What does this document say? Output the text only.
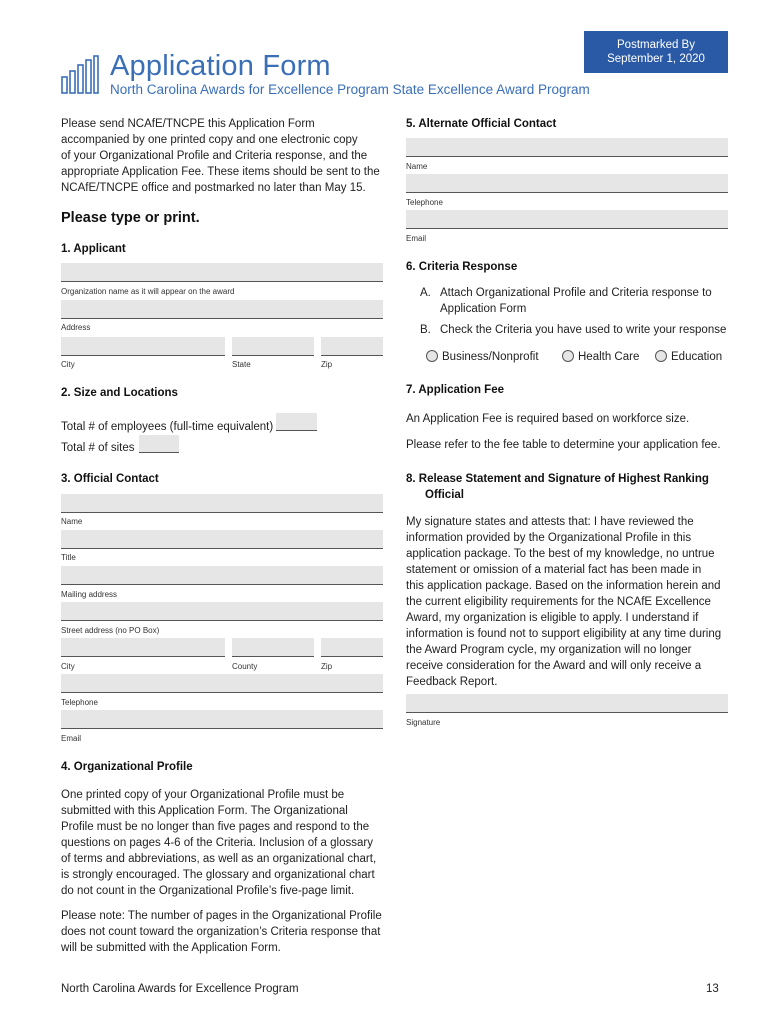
Postmarked By
September 1, 2020
Application Form
North Carolina Awards for Excellence Program State Excellence Award Program
Please send NCAfE/TNCPE this Application Form
accompanied by one printed copy and one electronic copy
of your Organizational Profile and Criteria response, and the
appropriate Application Fee. These items should be sent to the
NCAfE/TNCPE office and postmarked no later than May 15.
Please type or print.
1. Applicant
Organization name as it will appear on the award
Address
City	State	Zip
2. Size and Locations
Total # of employees (full-time equivalent)
Total # of sites
3. Official Contact
Name
Title
Mailing address
Street address (no PO Box)
City	County	Zip
Telephone
Email
4. Organizational Profile
One printed copy of your Organizational Profile must be
submitted with this Application Form. The Organizational
Profile must be no longer than five pages and respond to the
questions on pages 4-6 of the Criteria. Inclusion of a glossary
of terms and abbreviations, as well as an organizational chart,
is strongly encouraged. The glossary and organizational chart
do not count in the Organizational Profile’s five-page limit.
Please note: The number of pages in the Organizational Profile
does not count toward the organization’s Criteria response that
will be submitted with the Application Form.
5. Alternate Official Contact
Name
Telephone
Email
6. Criteria Response
A. Attach Organizational Profile and Criteria response to
Application Form
B. Check the Criteria you have used to write your response
Business/Nonprofit	Health Care	Education
7. Application Fee
An Application Fee is required based on workforce size.
Please refer to the fee table to determine your application fee.
8. Release Statement and Signature of Highest Ranking
Official
My signature states and attests that: I have reviewed the
information provided by the Organizational Profile in this
application package. To the best of my knowledge, no untrue
statement or omission of a material fact has been made in
this application package. Based on the information herein and
the current eligibility requirements for the NCAfE Excellence
Award, my organization is eligible to apply. I understand if
information is found not to support eligibility at any time during
the Award Program cycle, my organization will no longer
receive consideration for the Award and will only receive a
Feedback Report.
Signature
North Carolina Awards for Excellence Program	13
